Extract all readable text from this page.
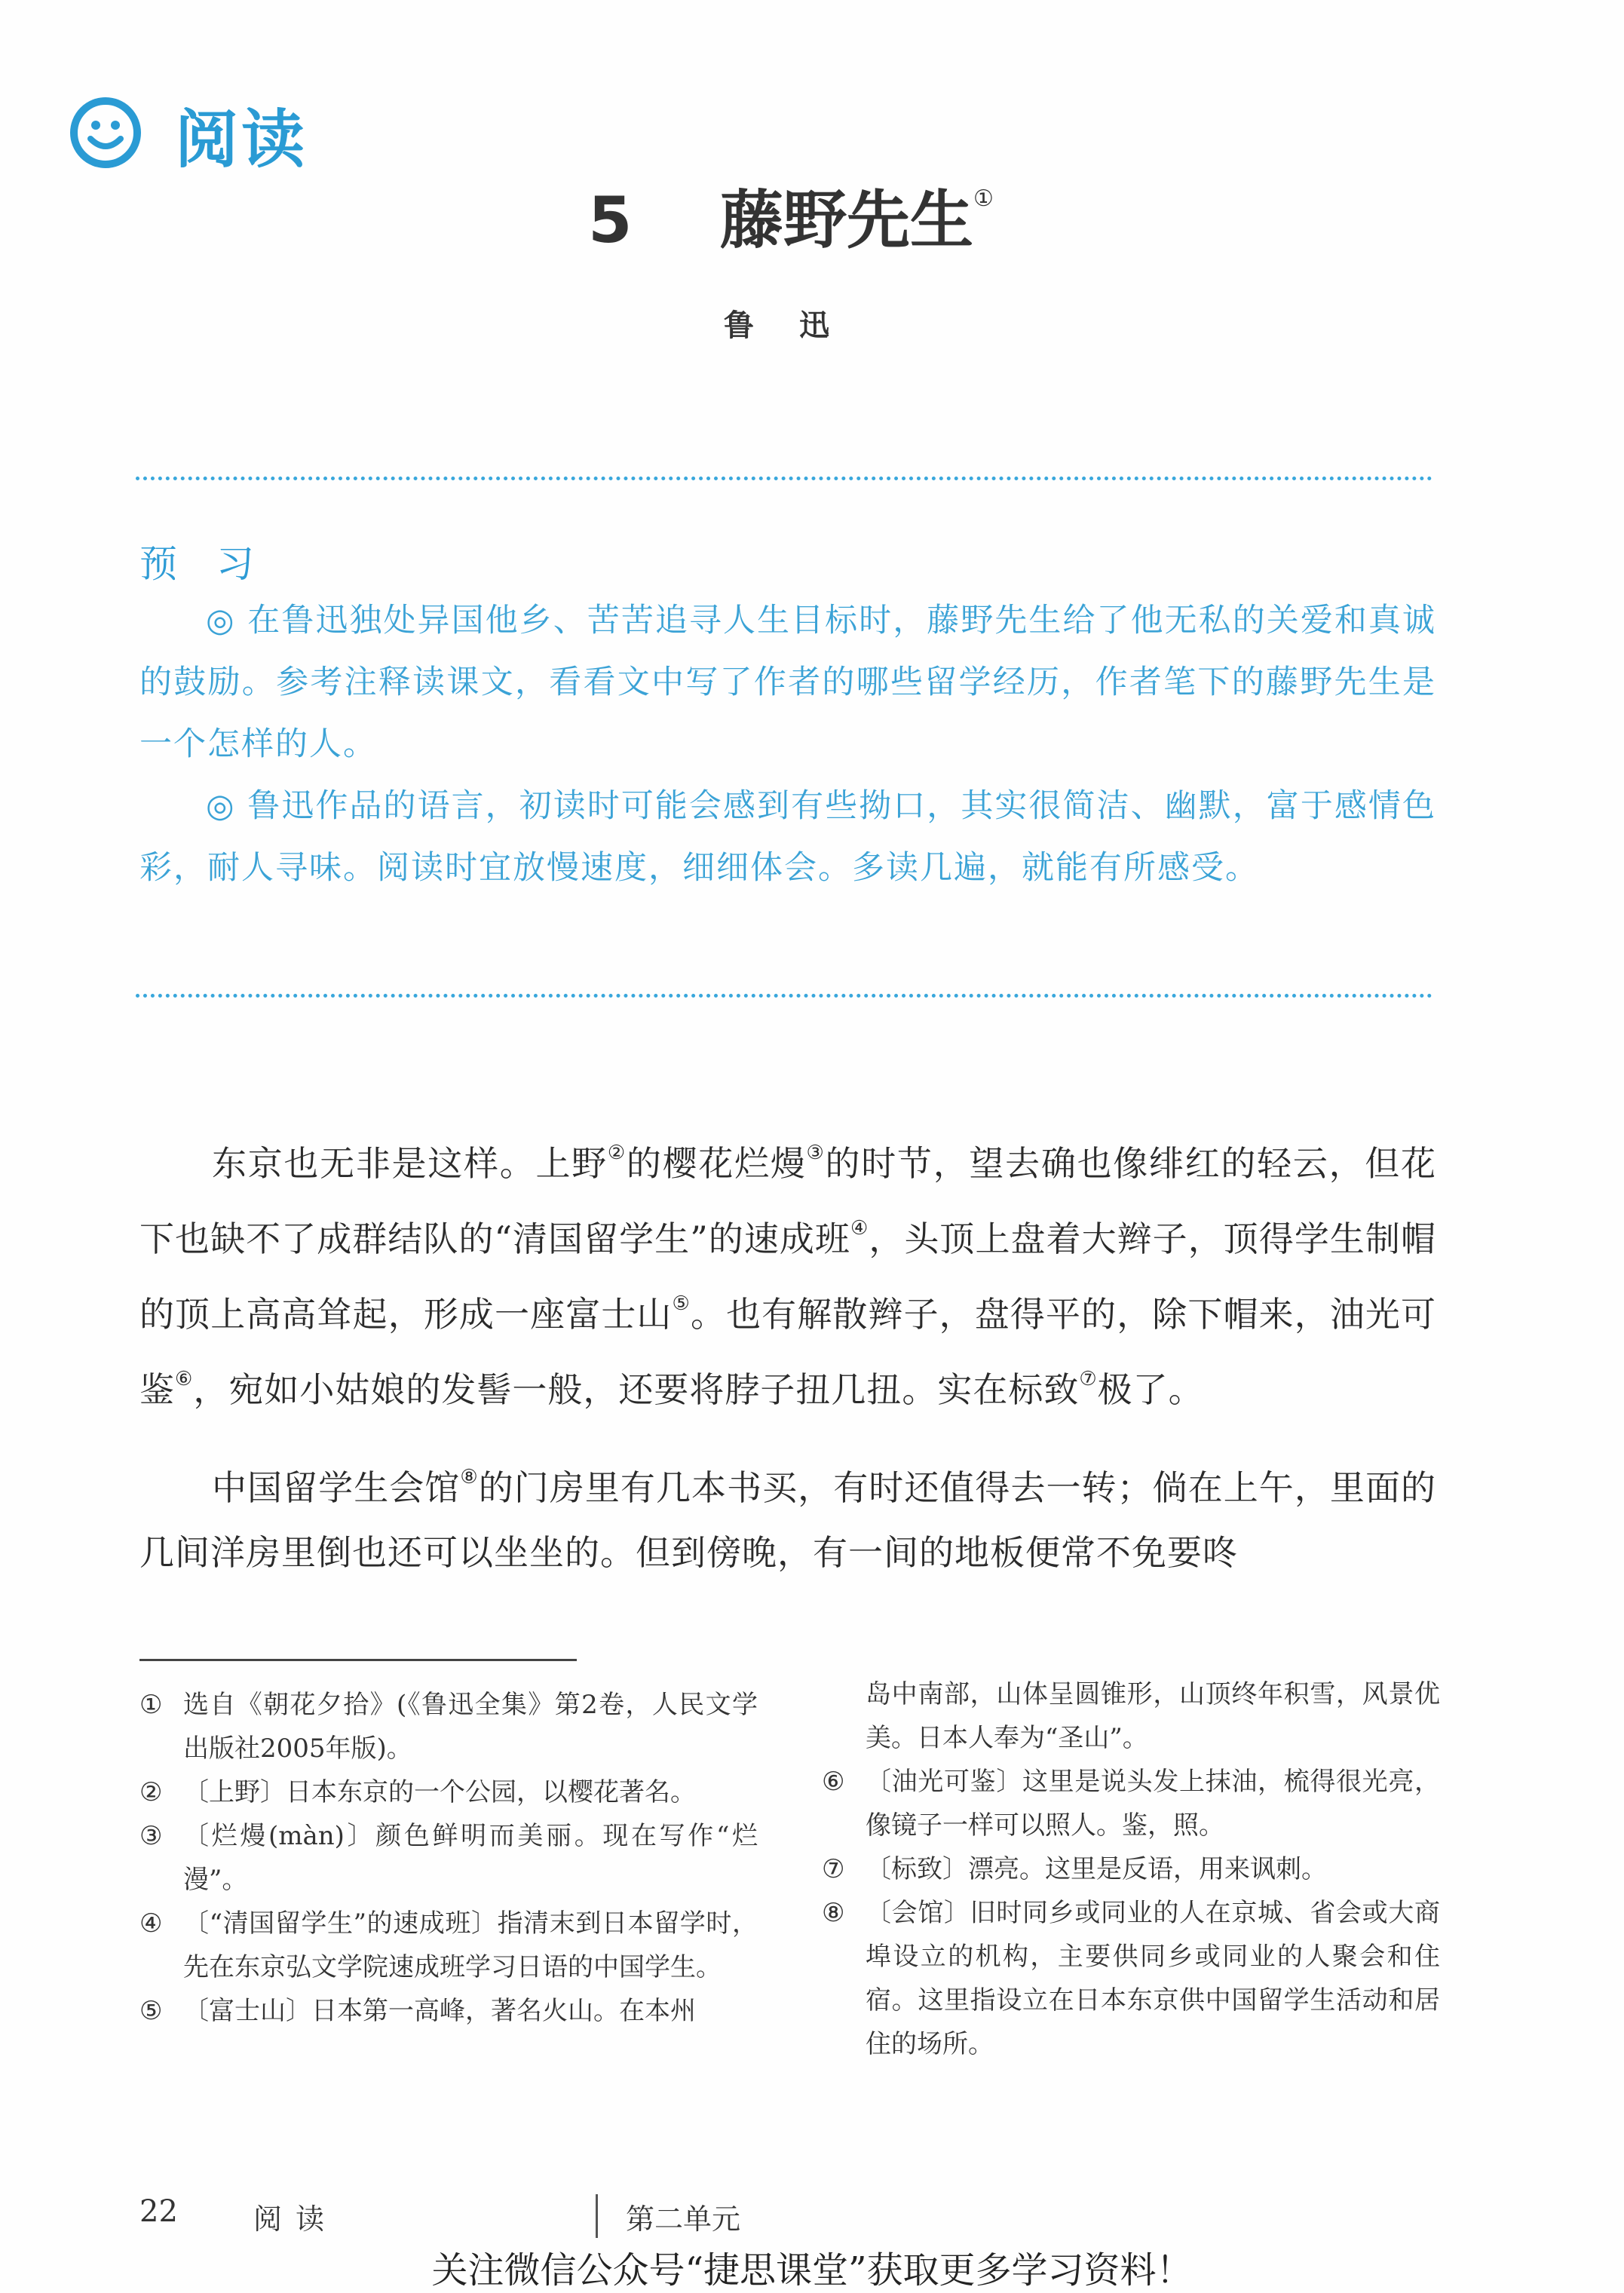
阅读
5 藤野先生①
鲁迅
预 习
◎ 在鲁迅独处异国他乡、苦苦追寻人生目标时，藤野先生给了他无私的关爱和真诚的鼓励。参考注释读课文，看看文中写了作者的哪些留学经历，作者笔下的藤野先生是一个怎样的人。
◎ 鲁迅作品的语言，初读时可能会感到有些拗口，其实很简洁、幽默，富于感情色彩，耐人寻味。阅读时宜放慢速度，细细体会。多读几遍，就能有所感受。
东京也无非是这样。上野②的樱花烂熳③的时节，望去确也像绯红的轻云，但花下也缺不了成群结队的“清国留学生”的速成班④，头顶上盘着大辫子，顶得学生制帽的顶上高高耸起，形成一座富士山⑤。也有解散辫子，盘得平的，除下帽来，油光可鉴⑥，宛如小姑娘的发髻一般，还要将脖子扭几扭。实在标致⑦极了。
中国留学生会馆⑧的门房里有几本书买，有时还值得去一转；倘在上午，里面的几间洋房里倒也还可以坐坐的。但到傍晚，有一间的地板便常不免要咚
① 选自《朝花夕拾》(《鲁迅全集》第2卷，人民文学出版社2005年版)。
② 〔上野〕日本东京的一个公园，以樱花著名。
③ 〔烂熳(màn)〕颜色鲜明而美丽。现在写作“烂漫”。
④ 〔“清国留学生”的速成班〕指清末到日本留学时，先在东京弘文学院速成班学习日语的中国学生。
⑤ 〔富士山〕日本第一高峰，著名火山。在本州
岛中南部，山体呈圆锥形，山顶终年积雪，风景优美。日本人奉为“圣山”。
⑥ 〔油光可鉴〕这里是说头发上抹油，梳得很光亮，像镜子一样可以照人。鉴，照。
⑦ 〔标致〕漂亮。这里是反语，用来讽刺。
⑧ 〔会馆〕旧时同乡或同业的人在京城、省会或大商埠设立的机构，主要供同乡或同业的人聚会和住宿。这里指设立在日本东京供中国留学生活动和居住的场所。
22	阅读	第二单元
关注微信公众号“捷思课堂”获取更多学习资料！
